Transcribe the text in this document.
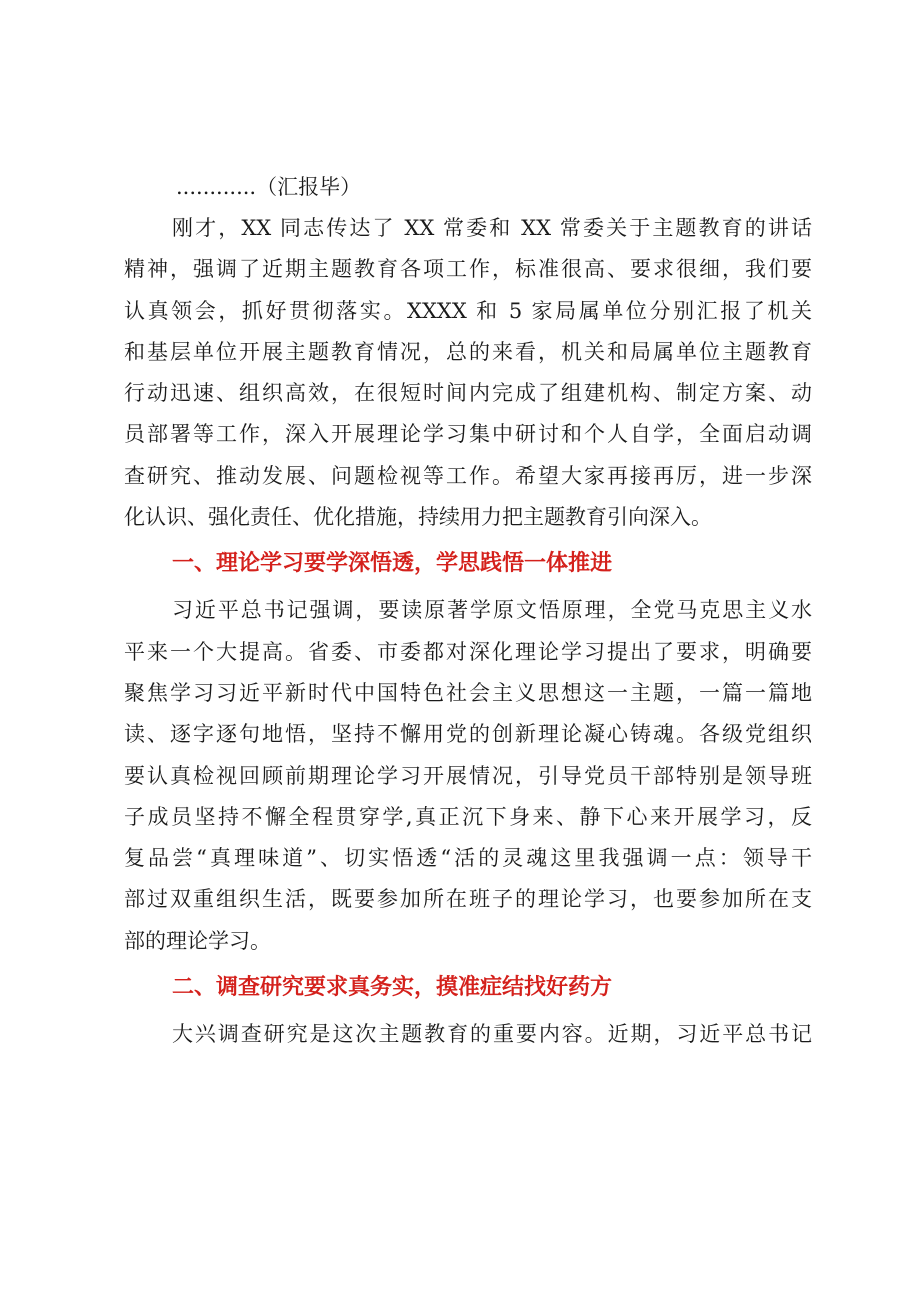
............（汇报毕）
刚才，XX 同志传达了 XX 常委和 XX 常委关于主题教育的讲话
精神，强调了近期主题教育各项工作，标准很高、要求很细，我们要
认真领会，抓好贯彻落实。XXXX 和 5 家局属单位分别汇报了机关
和基层单位开展主题教育情况，总的来看，机关和局属单位主题教育
行动迅速、组织高效，在很短时间内完成了组建机构、制定方案、动
员部署等工作，深入开展理论学习集中研讨和个人自学，全面启动调
查研究、推动发展、问题检视等工作。希望大家再接再厉，进一步深
化认识、强化责任、优化措施，持续用力把主题教育引向深入。
一、理论学习要学深悟透，学思践悟一体推进
习近平总书记强调，要读原著学原文悟原理，全党马克思主义水
平来一个大提高。省委、市委都对深化理论学习提出了要求，明确要
聚焦学习习近平新时代中国特色社会主义思想这一主题，一篇一篇地
读、逐字逐句地悟，坚持不懈用党的创新理论凝心铸魂。各级党组织
要认真检视回顾前期理论学习开展情况，引导党员干部特别是领导班
子成员坚持不懈全程贯穿学,真正沉下身来、静下心来开展学习，反
复品尝“真理味道”、切实悟透“活的灵魂这里我强调一点：领导干
部过双重组织生活，既要参加所在班子的理论学习，也要参加所在支
部的理论学习。
二、调查研究要求真务实，摸准症结找好药方
大兴调查研究是这次主题教育的重要内容。近期，习近平总书记
